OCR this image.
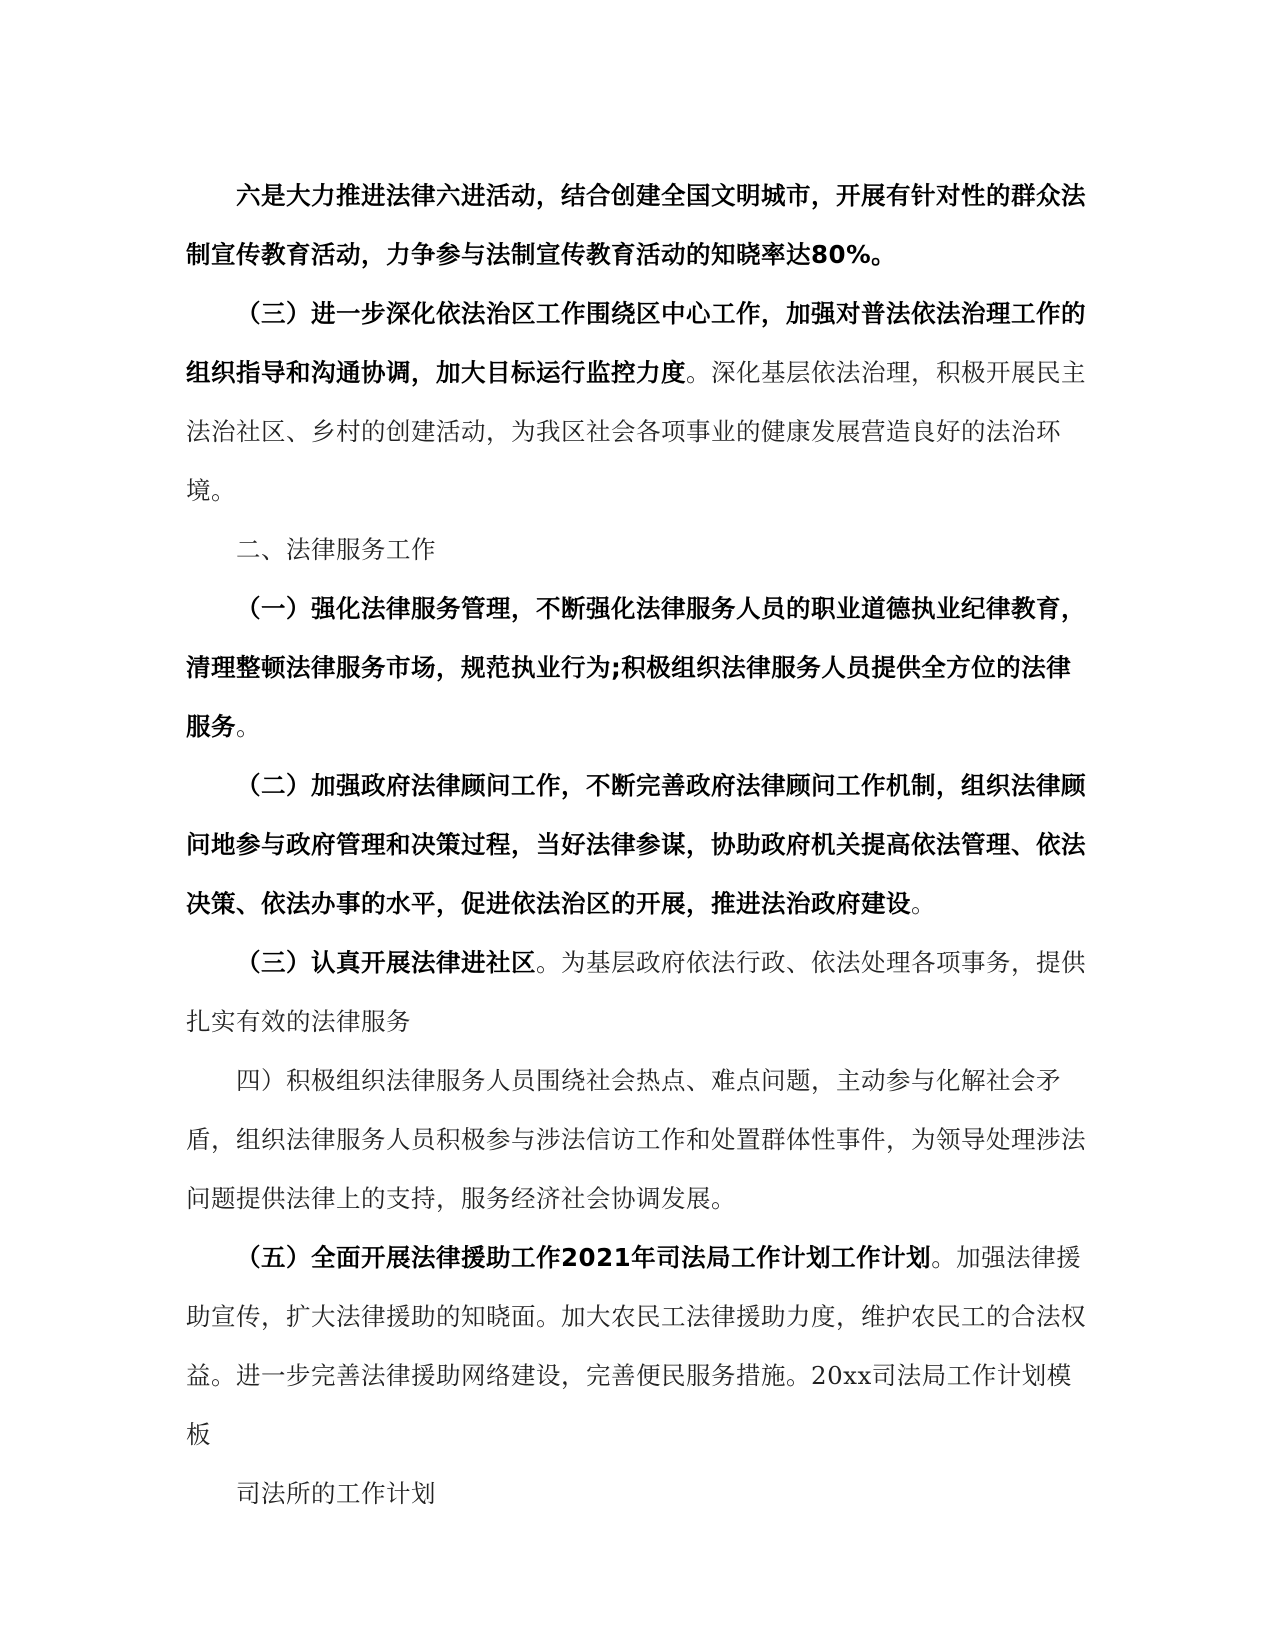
六是大力推进法律六进活动，结合创建全国文明城市，开展有针对性的群众法制宣传教育活动，力争参与法制宣传教育活动的知晓率达80%。

（三）进一步深化依法治区工作围绕区中心工作，加强对普法依法治理工作的组织指导和沟通协调，加大目标运行监控力度。深化基层依法治理，积极开展民主法治社区、乡村的创建活动，为我区社会各项事业的健康发展营造良好的法治环境。

二、法律服务工作

（一）强化法律服务管理，不断强化法律服务人员的职业道德执业纪律教育，清理整顿法律服务市场，规范执业行为;积极组织法律服务人员提供全方位的法律服务。

（二）加强政府法律顾问工作，不断完善政府法律顾问工作机制，组织法律顾问地参与政府管理和决策过程，当好法律参谋，协助政府机关提高依法管理、依法决策、依法办事的水平，促进依法治区的开展，推进法治政府建设。

（三）认真开展法律进社区。为基层政府依法行政、依法处理各项事务，提供扎实有效的法律服务

四）积极组织法律服务人员围绕社会热点、难点问题，主动参与化解社会矛盾，组织法律服务人员积极参与涉法信访工作和处置群体性事件，为领导处理涉法问题提供法律上的支持，服务经济社会协调发展。

（五）全面开展法律援助工作2021年司法局工作计划工作计划。加强法律援助宣传，扩大法律援助的知晓面。加大农民工法律援助力度，维护农民工的合法权益。进一步完善法律援助网络建设，完善便民服务措施。20xx司法局工作计划模板

司法所的工作计划
